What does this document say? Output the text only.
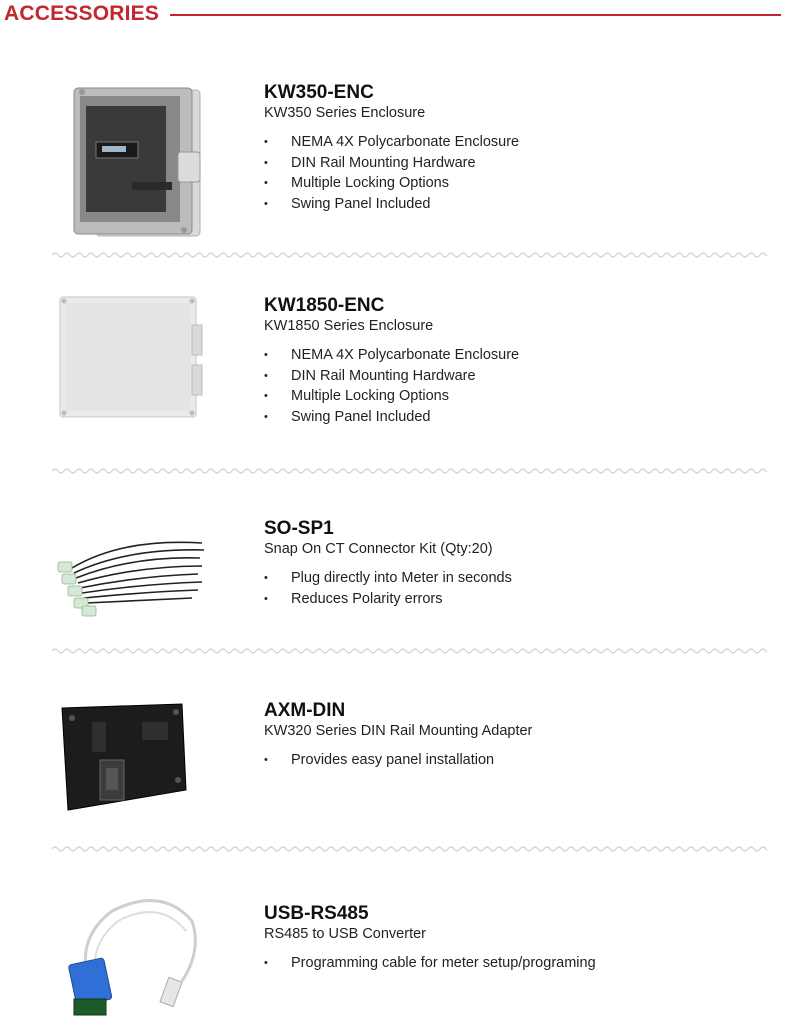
ACCESSORIES
KW350-ENC
KW350 Series Enclosure
• NEMA 4X Polycarbonate Enclosure
• DIN Rail Mounting Hardware
• Multiple Locking Options
• Swing Panel Included
KW1850-ENC
KW1850 Series Enclosure
• NEMA 4X Polycarbonate Enclosure
• DIN Rail Mounting Hardware
• Multiple Locking Options
• Swing Panel Included
SO-SP1
Snap On CT Connector Kit (Qty:20)
• Plug directly into Meter in seconds
• Reduces Polarity errors
AXM-DIN
KW320 Series DIN Rail Mounting Adapter
• Provides easy panel installation
USB-RS485
RS485 to USB Converter
• Programming cable for meter setup/programing
